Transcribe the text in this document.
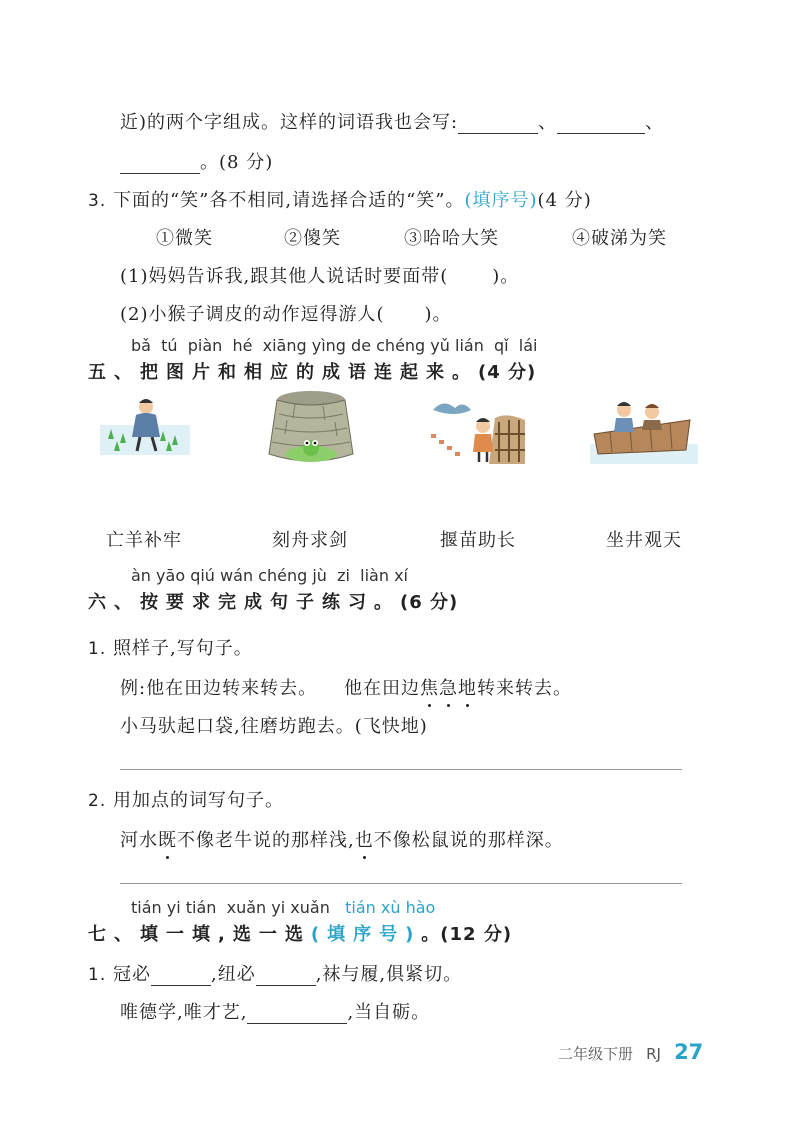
近)的两个字组成。这样的词语我也会写:	、	、
。(8 分)
3. 下面的“笑”各不相同,请选择合适的“笑”。(填序号)(4 分)
①微笑	②傻笑	③哈哈大笑	④破涕为笑
(1)妈妈告诉我,跟其他人说话时要面带( )。
(2)小猴子调皮的动作逗得游人( )。
bǎ tú piàn hé xiāng yìng de chéng yǔ lián qǐ lái
五、把图片和相应的成语连起来。(4 分)
亡羊补牢	刻舟求剑	揠苗助长	坐井观天
àn yāo qiú wán chéng jù zi liàn xí
六、按要求完成句子练习。(6 分)
1. 照样子,写句子。
例:他在田边转来转去。 他在田边焦急地转来转去。
小马驮起口袋,往磨坊跑去。(飞快地)
2. 用加点的词写句子。
河水既不像老牛说的那样浅,也不像松鼠说的那样深。
tián yi tián xuǎn yi xuǎn tián xù hào
七、填一填,选一选(填序号)。(12 分)
1. 冠必	,纽必	,袜与履,俱紧切。
唯德学,唯才艺,	,当自砺。
二年级下册 RJ 27
